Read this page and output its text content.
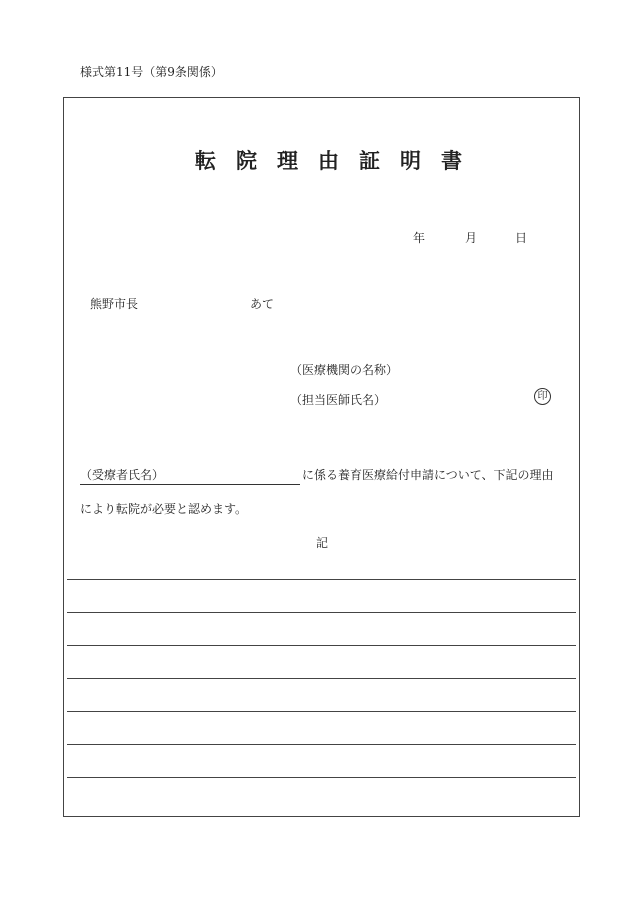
様式第11号（第9条関係）
転院理由証明書
年	月	日
熊野市長	あて
（医療機関の名称）
（担当医師氏名）	印
（受療者氏名）	に係る養育医療給付申請について、下記の理由
により転院が必要と認めます。
記
